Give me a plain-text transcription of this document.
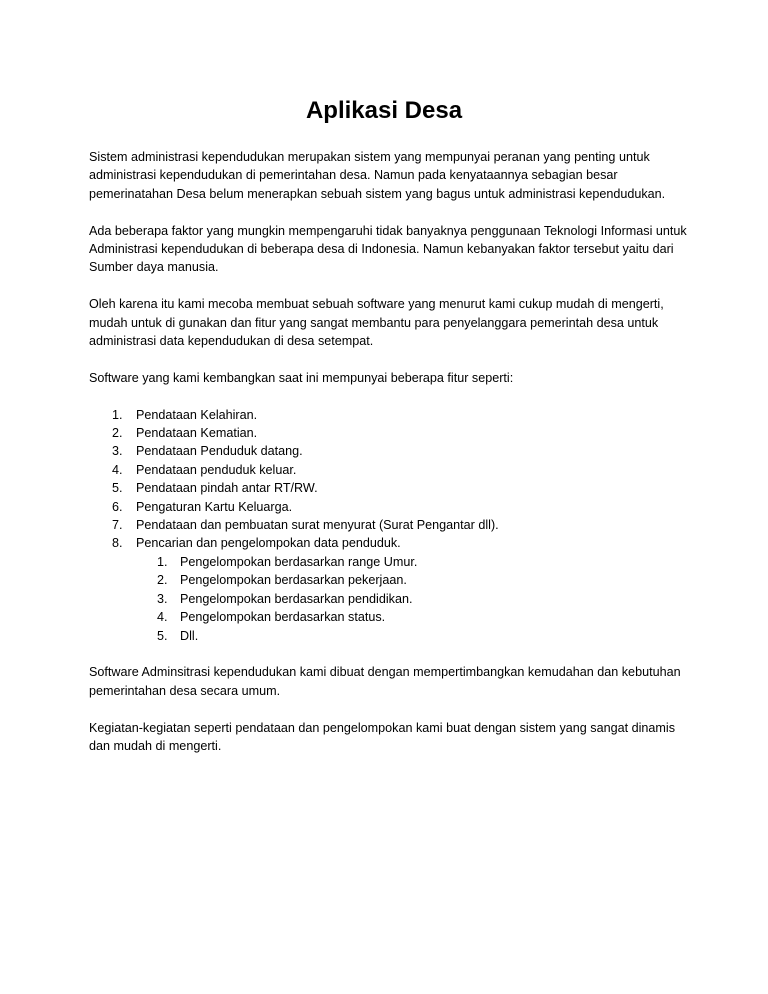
Aplikasi Desa

Sistem administrasi kependudukan merupakan sistem yang mempunyai peranan yang penting untuk administrasi kependudukan di pemerintahan desa. Namun pada kenyataannya sebagian besar pemerinatahan Desa belum menerapkan sebuah sistem yang bagus untuk administrasi kependudukan.

Ada beberapa faktor yang mungkin mempengaruhi tidak banyaknya penggunaan Teknologi Informasi untuk Administrasi kependudukan di beberapa desa di Indonesia. Namun kebanyakan faktor tersebut yaitu dari Sumber daya manusia.

Oleh karena itu kami mecoba membuat sebuah software yang menurut kami cukup mudah di mengerti, mudah untuk di gunakan dan fitur yang sangat membantu para penyelanggara pemerintah desa untuk administrasi data kependudukan di desa setempat.

Software yang kami kembangkan saat ini mempunyai beberapa fitur seperti:

1. Pendataan Kelahiran.
2. Pendataan Kematian.
3. Pendataan Penduduk datang.
4. Pendataan penduduk keluar.
5. Pendataan pindah antar RT/RW.
6. Pengaturan Kartu Keluarga.
7. Pendataan dan pembuatan surat menyurat (Surat Pengantar dll).
8. Pencarian dan pengelompokan data penduduk.
1. Pengelompokan berdasarkan range Umur.
2. Pengelompokan berdasarkan pekerjaan.
3. Pengelompokan berdasarkan pendidikan.
4. Pengelompokan berdasarkan status.
5. Dll.

Software Adminsitrasi kependudukan kami dibuat dengan mempertimbangkan kemudahan dan kebutuhan pemerintahan desa secara umum.

Kegiatan-kegiatan seperti pendataan dan pengelompokan kami buat dengan sistem yang sangat dinamis dan mudah di mengerti.
